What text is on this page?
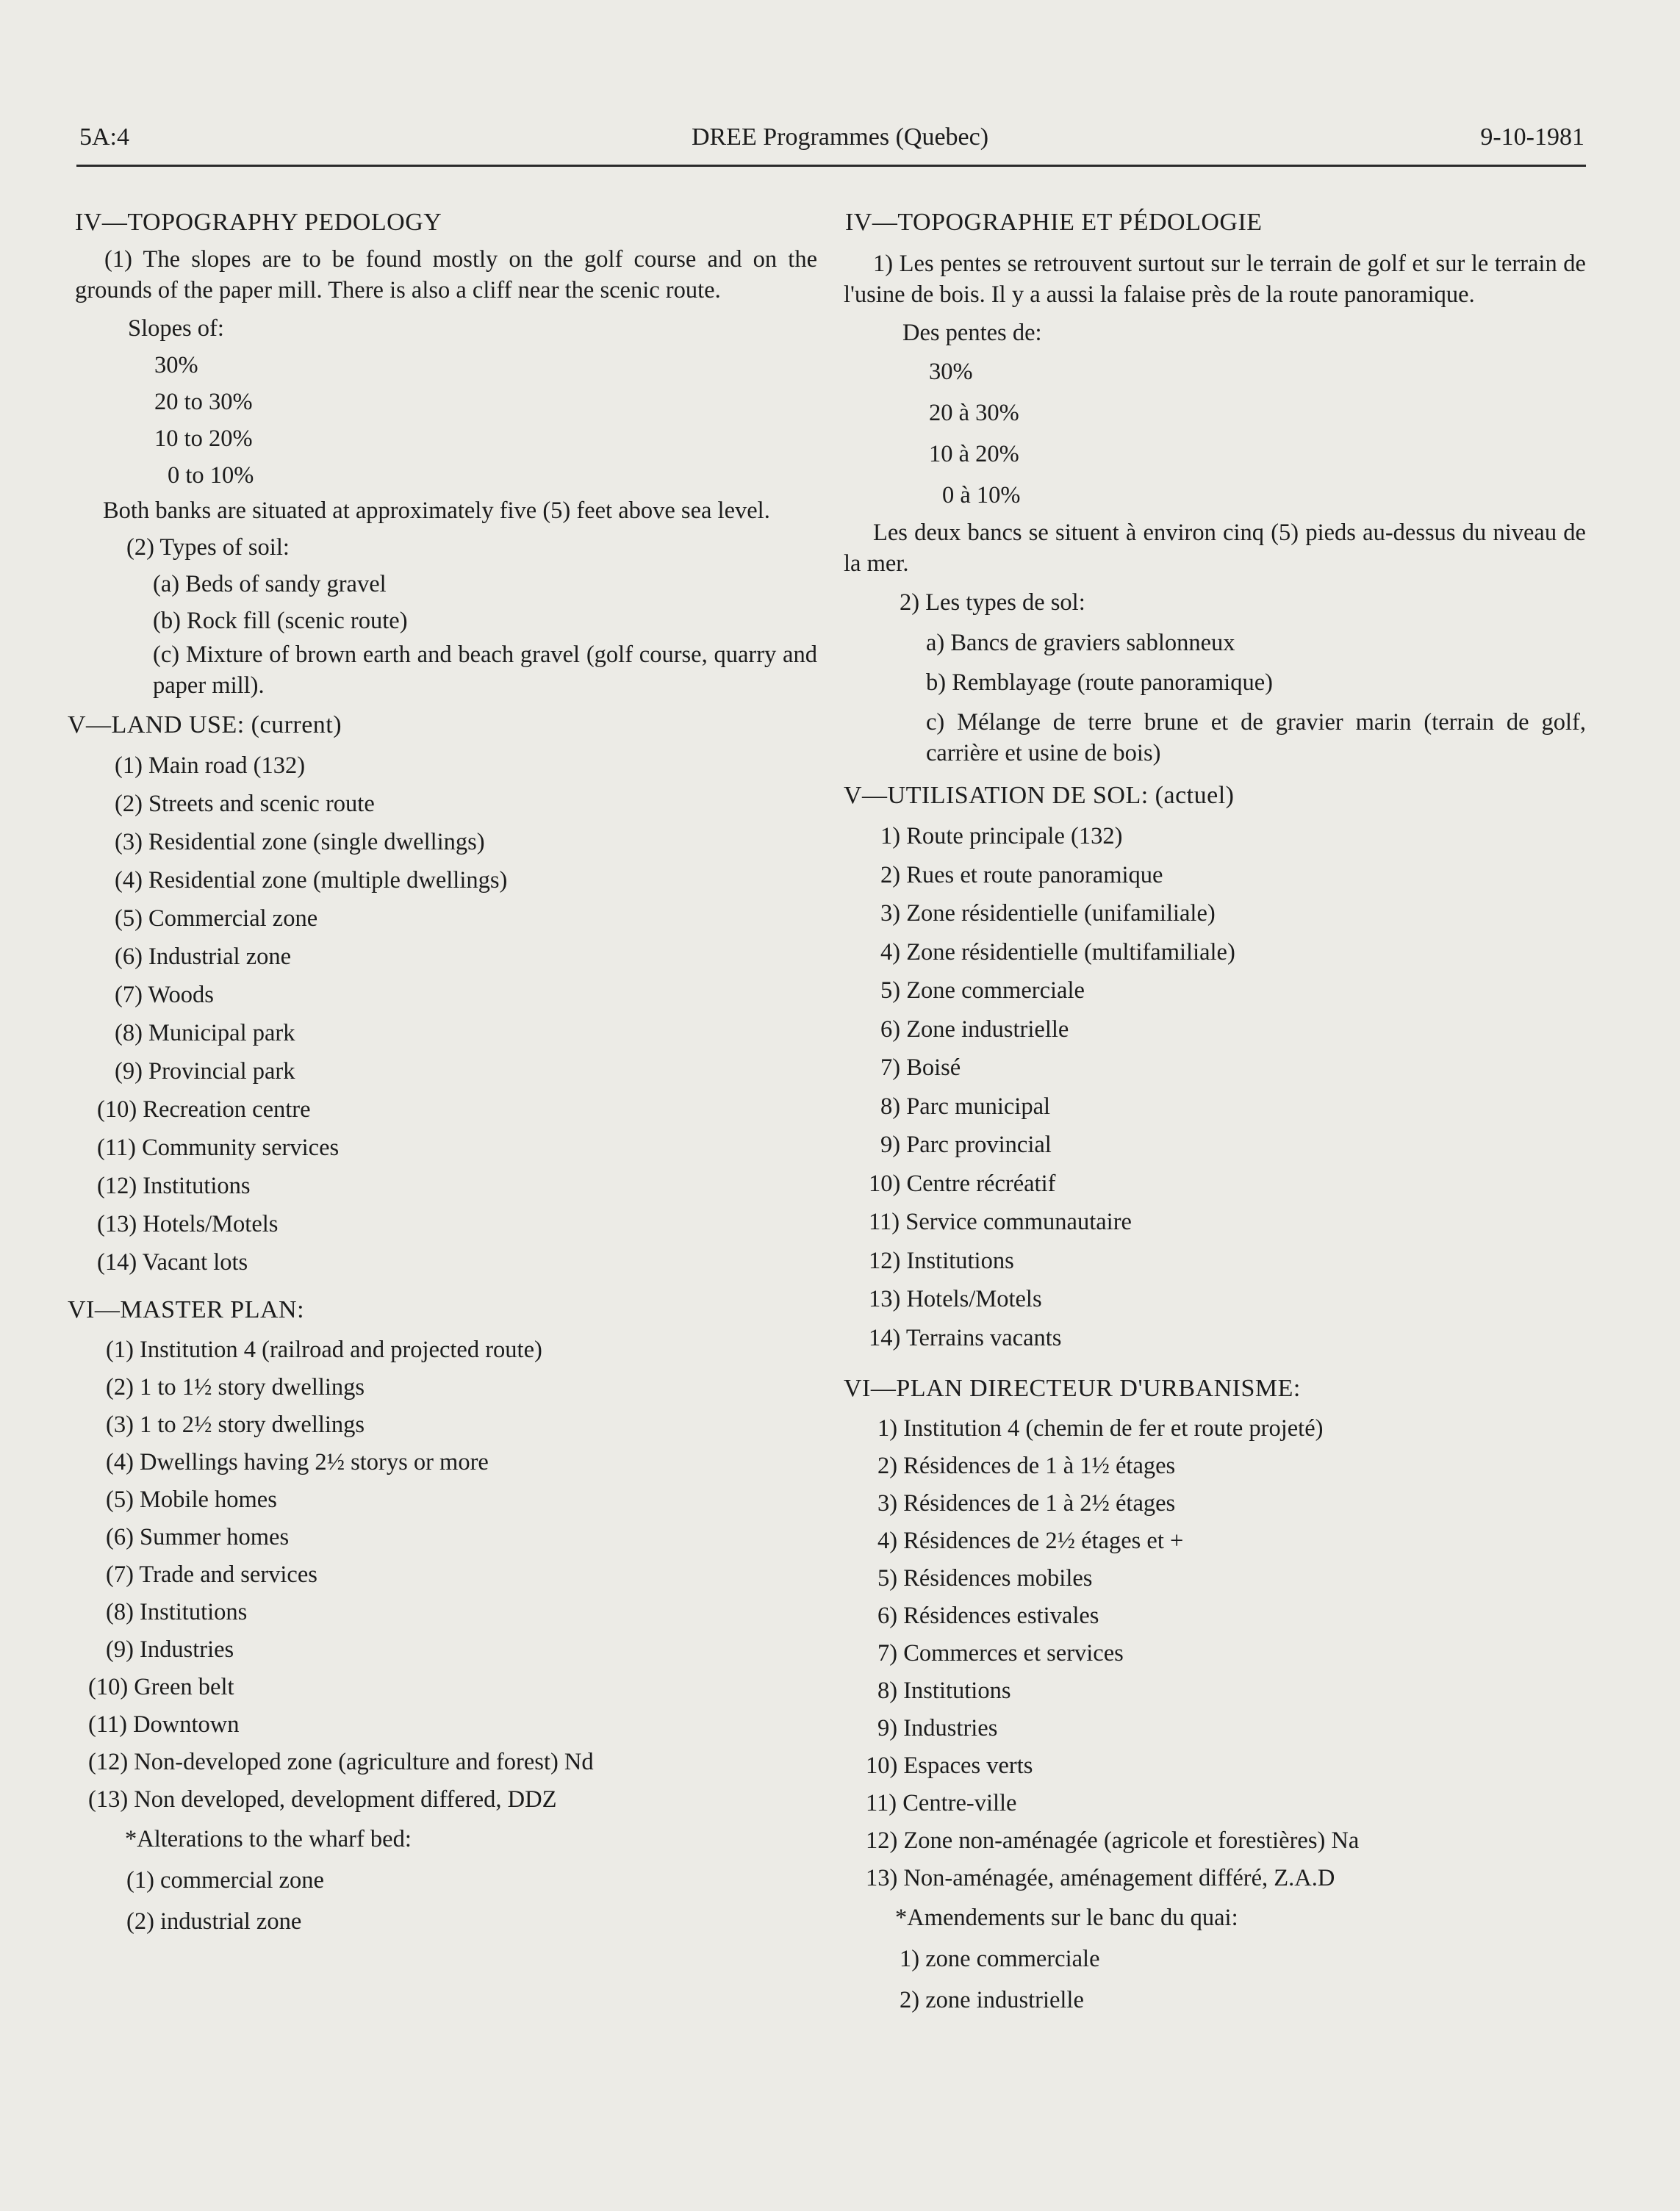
DREE Programmes (Quebec)
5A:4	9-10-1981
IV—TOPOGRAPHY PEDOLOGY
(1) The slopes are to be found mostly on the golf course and on the grounds of the paper mill. There is also a cliff near the scenic route.
Slopes of:
30%
20 to 30%
10 to 20%
0 to 10%
Both banks are situated at approximately five (5) feet above sea level.
(2) Types of soil:
(a) Beds of sandy gravel
(b) Rock fill (scenic route)
(c) Mixture of brown earth and beach gravel (golf course, quarry and paper mill).
V—LAND USE: (current)
(1) Main road (132)
(2) Streets and scenic route
(3) Residential zone (single dwellings)
(4) Residential zone (multiple dwellings)
(5) Commercial zone
(6) Industrial zone
(7) Woods
(8) Municipal park
(9) Provincial park
(10) Recreation centre
(11) Community services
(12) Institutions
(13) Hotels/Motels
(14) Vacant lots
VI—MASTER PLAN:
(1) Institution 4 (railroad and projected route)
(2) 1 to 1½ story dwellings
(3) 1 to 2½ story dwellings
(4) Dwellings having 2½ storys or more
(5) Mobile homes
(6) Summer homes
(7) Trade and services
(8) Institutions
(9) Industries
(10) Green belt
(11) Downtown
(12) Non-developed zone (agriculture and forest) Nd
(13) Non developed, development differed, DDZ
*Alterations to the wharf bed:
(1) commercial zone
(2) industrial zone
IV—TOPOGRAPHIE ET PÉDOLOGIE
1) Les pentes se retrouvent surtout sur le terrain de golf et sur le terrain de l'usine de bois. Il y a aussi la falaise près de la route panoramique.
Des pentes de:
30%
20 à 30%
10 à 20%
0 à 10%
Les deux bancs se situent à environ cinq (5) pieds au-dessus du niveau de la mer.
2) Les types de sol:
a) Bancs de graviers sablonneux
b) Remblayage (route panoramique)
c) Mélange de terre brune et de gravier marin (terrain de golf, carrière et usine de bois)
V—UTILISATION DE SOL: (actuel)
1) Route principale (132)
2) Rues et route panoramique
3) Zone résidentielle (unifamiliale)
4) Zone résidentielle (multifamiliale)
5) Zone commerciale
6) Zone industrielle
7) Boisé
8) Parc municipal
9) Parc provincial
10) Centre récréatif
11) Service communautaire
12) Institutions
13) Hotels/Motels
14) Terrains vacants
VI—PLAN DIRECTEUR D'URBANISME:
1) Institution 4 (chemin de fer et route projeté)
2) Résidences de 1 à 1½ étages
3) Résidences de 1 à 2½ étages
4) Résidences de 2½ étages et +
5) Résidences mobiles
6) Résidences estivales
7) Commerces et services
8) Institutions
9) Industries
10) Espaces verts
11) Centre-ville
12) Zone non-aménagée (agricole et forestières) Na
13) Non-aménagée, aménagement différé, Z.A.D
*Amendements sur le banc du quai:
1) zone commerciale
2) zone industrielle
